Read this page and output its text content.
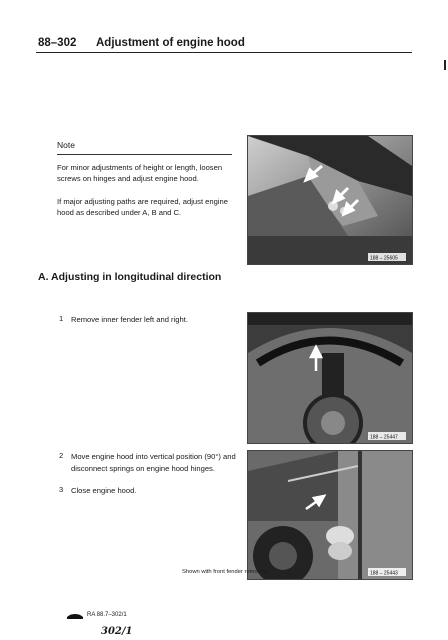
88–302 Adjustment of engine hood
Note
For minor adjustments of height or length, loosen screws on hinges and adjust engine hood.
If major adjusting paths are required, adjust engine hood as described under A, B and C.
A. Adjusting in longitudinal direction
1 Remove inner fender left and right.
2 Move engine hood into vertical position (90°) and disconnect springs on engine hood hinges.
3 Close engine hood.
188 – 25605
188 – 25447
188 – 25443
Shown with front fender removed
RA 88.7–302/1
302/1
